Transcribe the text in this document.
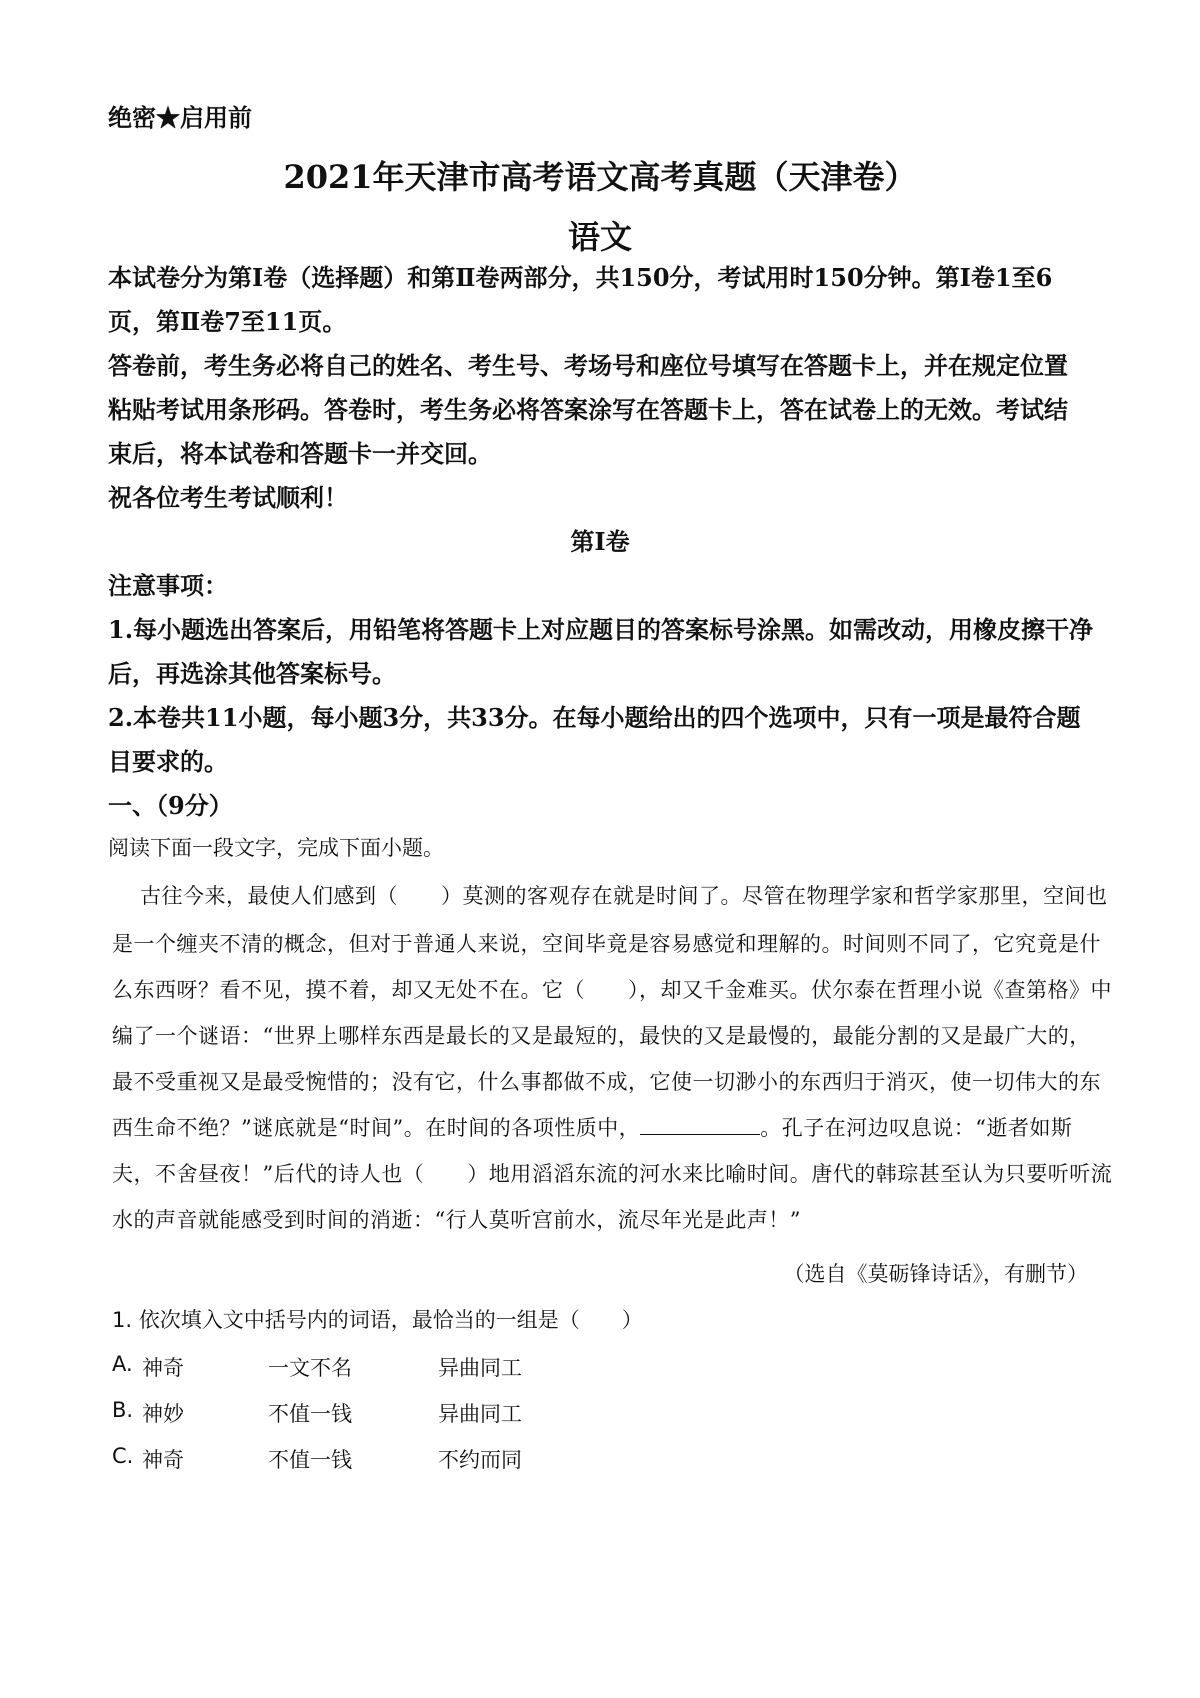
绝密★启用前

2021年天津市高考语文高考真题（天津卷）

语文

本试卷分为第Ⅰ卷（选择题）和第Ⅱ卷两部分，共150分，考试用时150分钟。第Ⅰ卷1至6

页，第Ⅱ卷7至11页。

答卷前，考生务必将自己的姓名、考生号、考场号和座位号填写在答题卡上，并在规定位置

粘贴考试用条形码。答卷时，考生务必将答案涂写在答题卡上，答在试卷上的无效。考试结

束后，将本试卷和答题卡一并交回。

祝各位考生考试顺利！

第Ⅰ卷

注意事项：

1.每小题选出答案后，用铅笔将答题卡上对应题目的答案标号涂黑。如需改动，用橡皮擦干净

后，再选涂其他答案标号。

2.本卷共11小题，每小题3分，共33分。在每小题给出的四个选项中，只有一项是最符合题

目要求的。

一、（9分）

阅读下面一段文字，完成下面小题。

古往今来，最使人们感到（　　）莫测的客观存在就是时间了。尽管在物理学家和哲学家那里，空间也

是一个缠夹不清的概念，但对于普通人来说，空间毕竟是容易感觉和理解的。时间则不同了，它究竟是什

么东西呀？看不见，摸不着，却又无处不在。它（　　），却又千金难买。伏尔泰在哲理小说《查第格》中

编了一个谜语：“世界上哪样东西是最长的又是最短的，最快的又是最慢的，最能分割的又是最广大的，

最不受重视又是最受惋惜的；没有它，什么事都做不成，它使一切渺小的东西归于消灭，使一切伟大的东

西生命不绝？”谜底就是“时间”。在时间的各项性质中，	。孔子在河边叹息说：“逝者如斯

夫，不舍昼夜！”后代的诗人也（　　）地用滔滔东流的河水来比喻时间。唐代的韩琮甚至认为只要听听流

水的声音就能感受到时间的消逝：“行人莫听宫前水，流尽年光是此声！”

（选自《莫砺锋诗话》，有删节）

1. 依次填入文中括号内的词语，最恰当的一组是（　　）

A. 神奇	一文不名	异曲同工
B. 神妙	不值一钱	异曲同工
C. 神奇	不值一钱	不约而同
